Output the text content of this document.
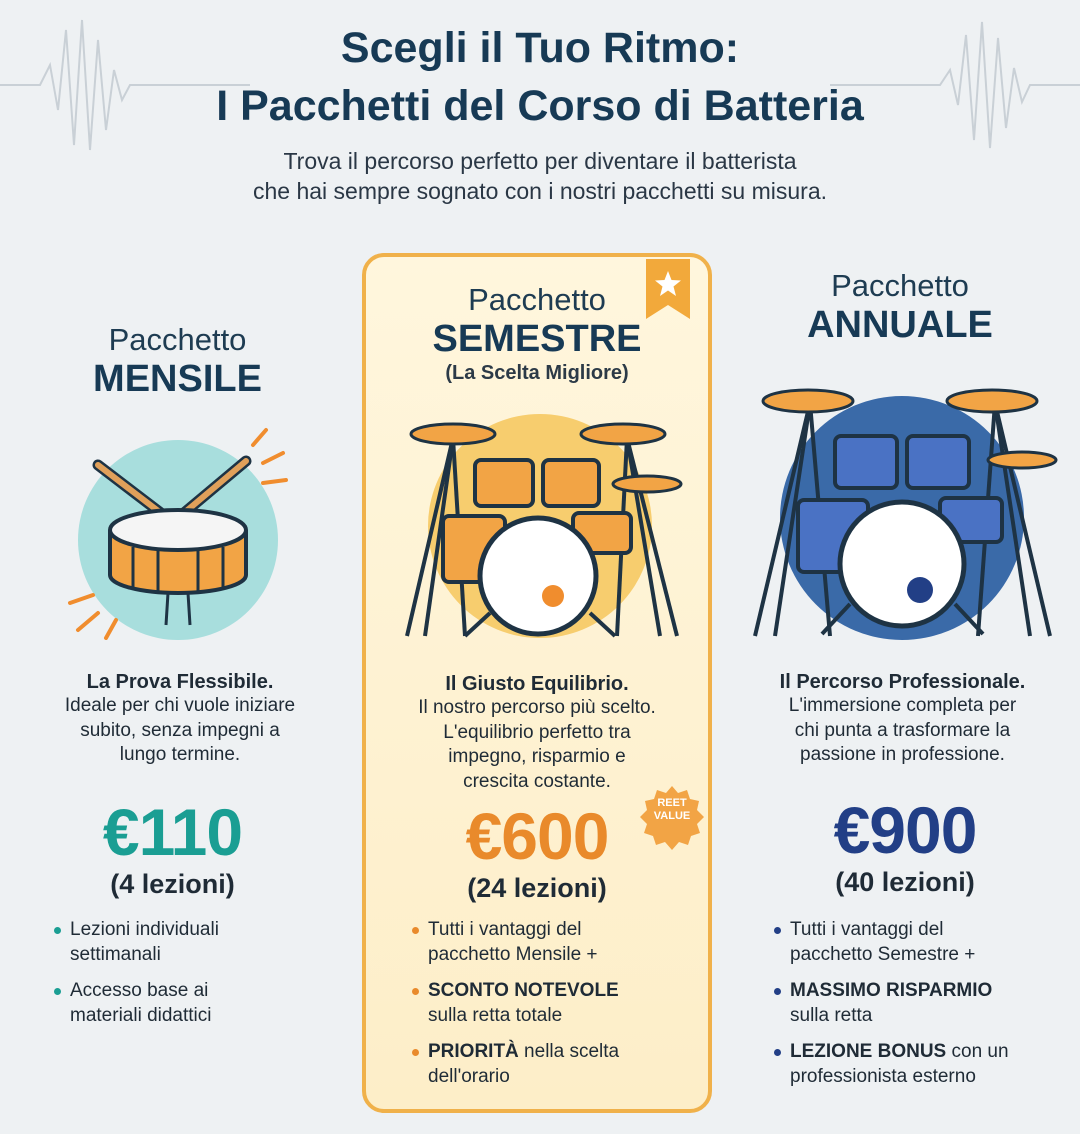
Scegli il Tuo Ritmo:
I Pacchetti del Corso di Batteria
Trova il percorso perfetto per diventare il batterista
che hai sempre sognato con i nostri pacchetti su misura.
Pacchetto
MENSILE
La Prova Flessibile.
Ideale per chi vuole iniziare
subito, senza impegni a
lungo termine.
€110
(4 lezioni)
Lezioni individuali
settimanali
Accesso base ai
materiali didattici
Pacchetto
SEMESTRE
(La Scelta Migliore)
Il Giusto Equilibrio.
Il nostro percorso più scelto.
L'equilibrio perfetto tra
impegno, risparmio e
crescita costante.
REET
VALUE
€600
(24 lezioni)
Tutti i vantaggi del
pacchetto Mensile +
SCONTO NOTEVOLE
sulla retta totale
PRIORITÀ nella scelta
dell'orario
Pacchetto
ANNUALE
Il Percorso Professionale.
L'immersione completa per
chi punta a trasformare la
passione in professione.
€900
(40 lezioni)
Tutti i vantaggi del
pacchetto Semestre +
MASSIMO RISPARMIO
sulla retta
LEZIONE BONUS con un
professionista esterno
